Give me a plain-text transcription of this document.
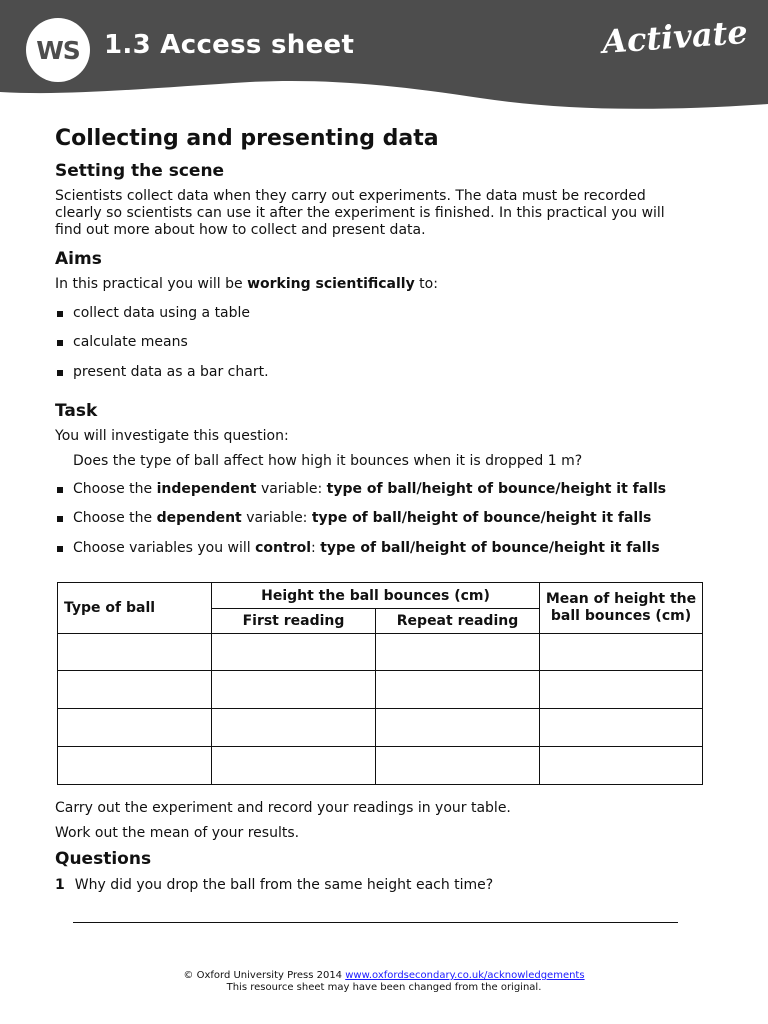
WS 1.3 Access sheet	Activate
Collecting and presenting data
Setting the scene

Scientists collect data when they carry out experiments. The data must be recorded clearly so scientists can use it after the experiment is finished. In this practical you will find out more about how to collect and present data.

Aims

In this practical you will be working scientifically to:

collect data using a table
calculate means
present data as a bar chart.
Task

You will investigate this question:

Does the type of ball affect how high it bounces when it is dropped 1 m?

Choose the independent variable: type of ball/height of bounce/height it falls
Choose the dependent variable: type of ball/height of bounce/height it falls
Choose variables you will control: type of ball/height of bounce/height it falls
Type of ball	Height the ball bounces (cm)		Mean of height the ball bounces (cm)
	First reading	Repeat reading	

Carry out the experiment and record your readings in your table.

Work out the mean of your results.

Questions

1 Why did you drop the ball from the same height each time?

© Oxford University Press 2014 www.oxfordsecondary.co.uk/acknowledgements
This resource sheet may have been changed from the original.
